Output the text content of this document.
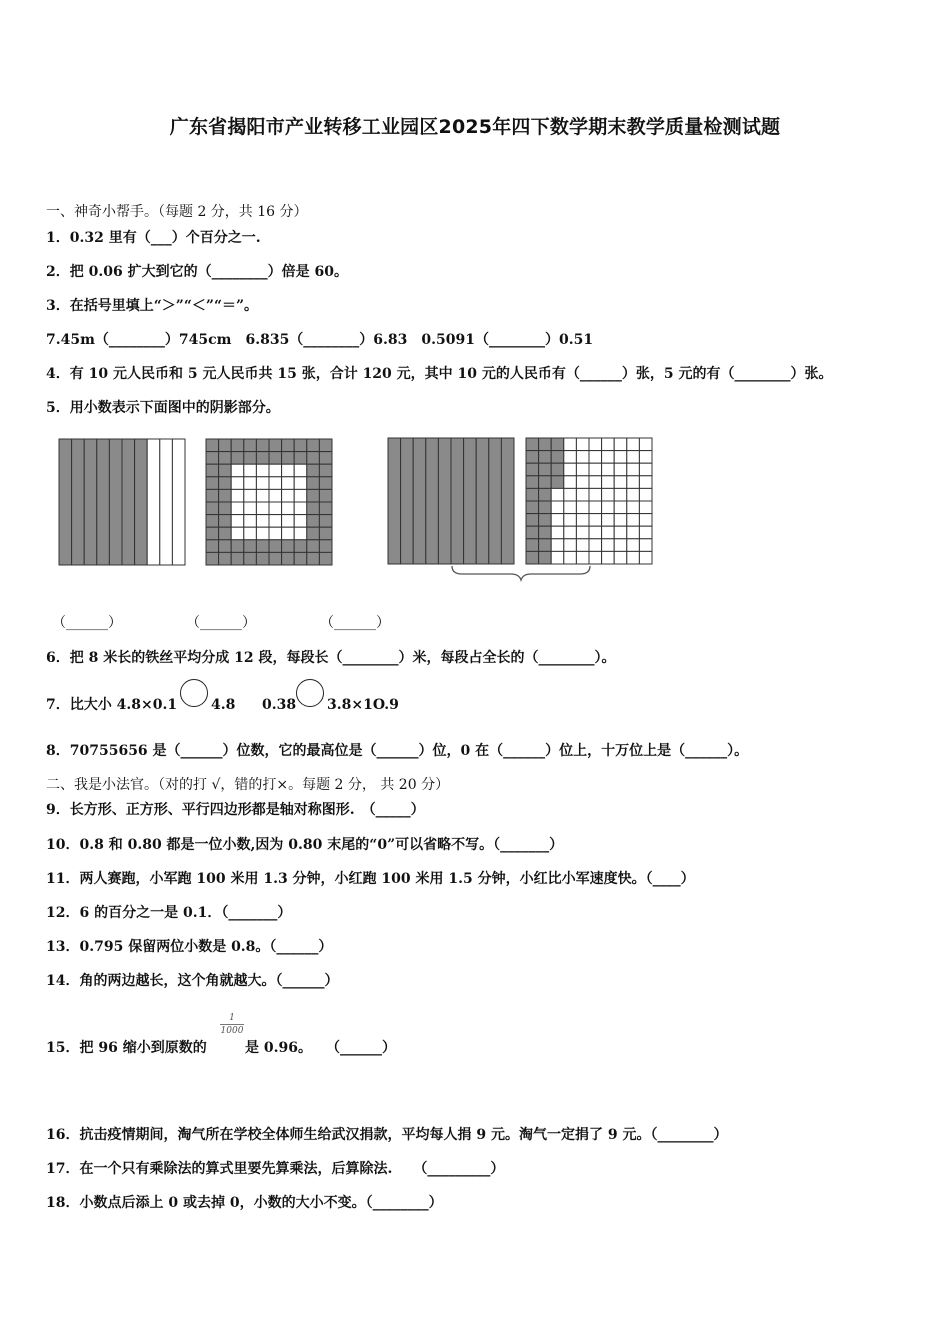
广东省揭阳市产业转移工业园区2025年四下数学期末教学质量检测试题
一、神奇小帮手。（每题 2 分，共 16 分）
1．0.32 里有（___）个百分之一.
2．把 0.06 扩大到它的（________）倍是 60。
3．在括号里填上“＞”“＜”“＝”。
7.45m（________）745cm　6.835（________）6.83　0.5091（________）0.51
4．有 10 元人民币和 5 元人民币共 15 张，合计 120 元，其中 10 元的人民币有（______）张，5 元的有（________）张。
5．用小数表示下面图中的阴影部分。
（______）	（______）	（______）
6．把 8 米长的铁丝平均分成 12 段，每段长（________）米，每段占全长的（________）。
7．比大小 4.8×0.1 4.8 0.38 3.8×1O.9
8．70755656 是（______）位数，它的最高位是（______）位，0 在（______）位上，十万位上是（______）。
二、我是小法官。（对的打 √，错的打×。每题 2 分， 共 20 分）
9．长方形、正方形、平行四边形都是轴对称图形.　（_____）
10．0.8 和 0.80 都是一位小数,因为 0.80 末尾的“0”可以省略不写。（_______）
11．两人赛跑，小军跑 100 米用 1.3 分钟，小红跑 100 米用 1.5 分钟，小红比小军速度快。（____）
12．6 的百分之一是 0.1．（_______）
13．0.795 保留两位小数是 0.8。（______）
14．角的两边越长，这个角就越大。（______）
15．把 96 缩小到原数的
1
1000
是 0.96。　　（______）
16．抗击疫情期间，淘气所在学校全体师生给武汉捐款，平均每人捐 9 元。淘气一定捐了 9 元。（________）
17．在一个只有乘除法的算式里要先算乘法，后算除法.　　（_________）
18．小数点后添上 0 或去掉 0，小数的大小不变。（________）
